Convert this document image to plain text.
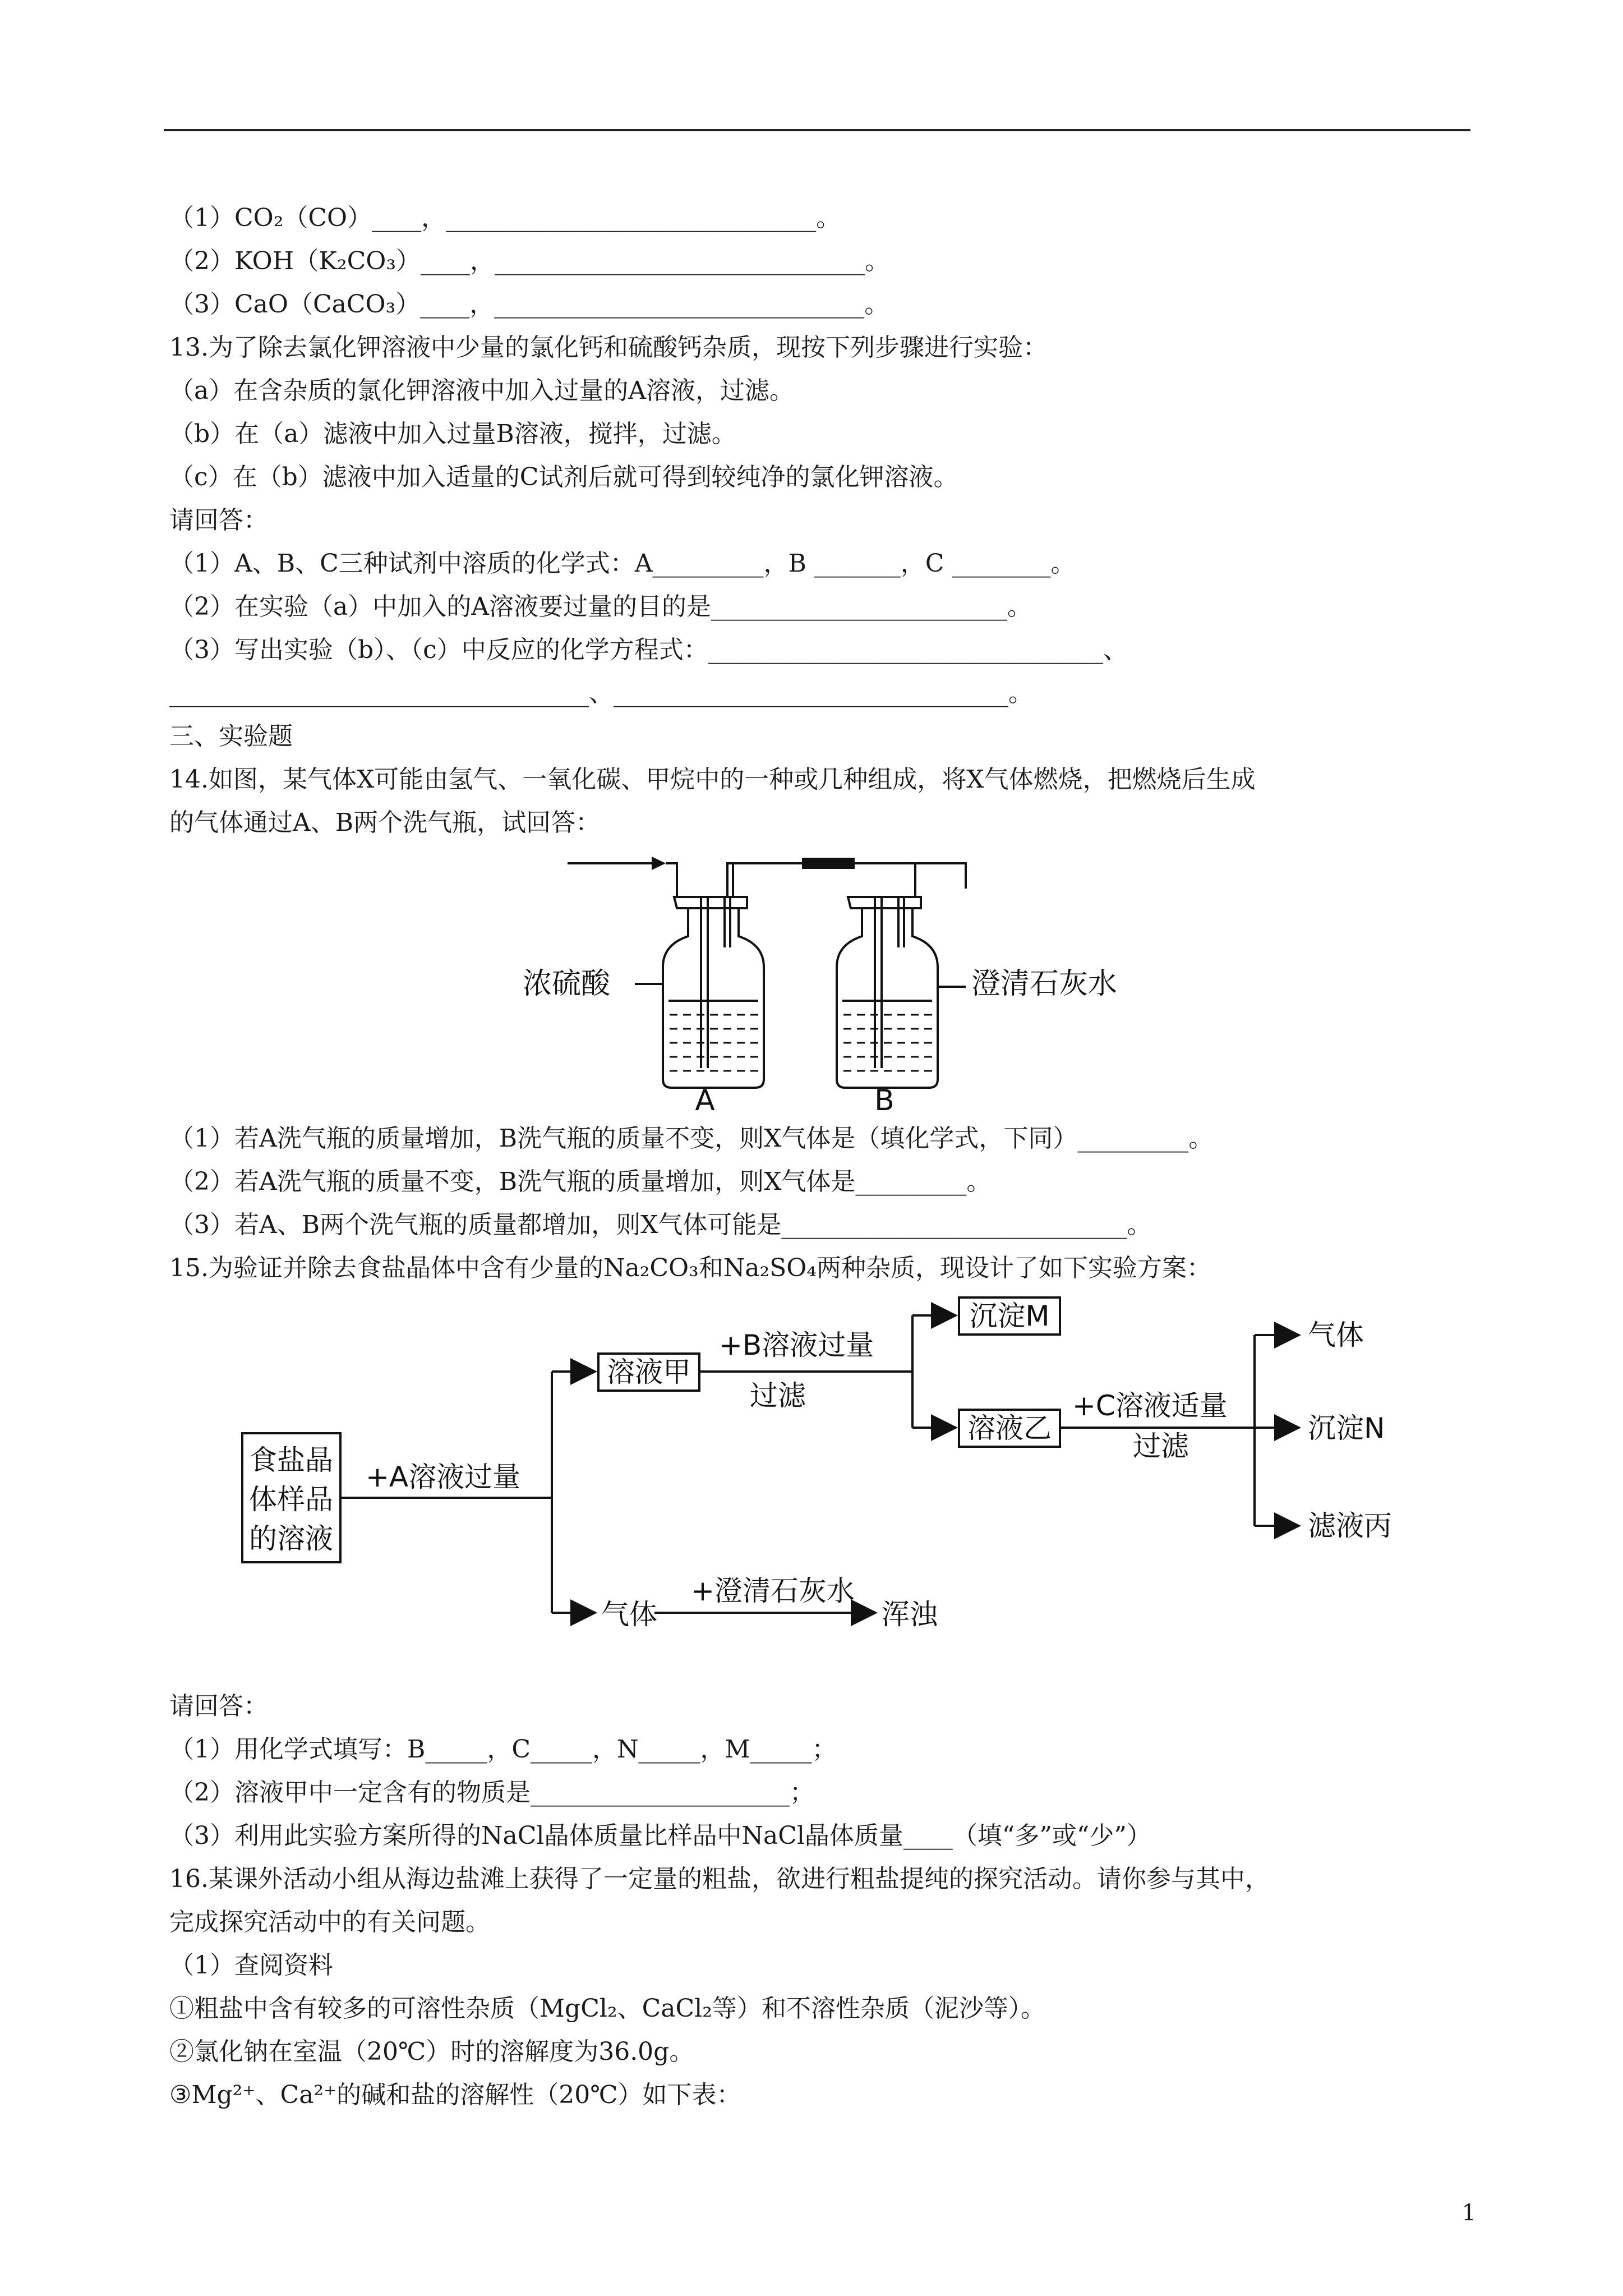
（1）CO₂（CO）____，______________________________。
（2）KOH（K₂CO₃）____，______________________________。
（3）CaO（CaCO₃）____，______________________________。
13.为了除去氯化钾溶液中少量的氯化钙和硫酸钙杂质，现按下列步骤进行实验：
（a）在含杂质的氯化钾溶液中加入过量的A溶液，过滤。
（b）在（a）滤液中加入过量B溶液，搅拌，过滤。
（c）在（b）滤液中加入适量的C试剂后就可得到较纯净的氯化钾溶液。
请回答：
（1）A、B、C三种试剂中溶质的化学式：A_________，B _______，C ________。
（2）在实验（a）中加入的A溶液要过量的目的是________________________。
（3）写出实验（b）、（c）中反应的化学方程式：________________________________、
__________________________________、________________________________。
三、实验题
14.如图，某气体X可能由氢气、一氧化碳、甲烷中的一种或几种组成，将X气体燃烧，把燃烧后生成
的气体通过A、B两个洗气瓶，试回答：
浓硫酸	澄清石灰水
A	B
（1）若A洗气瓶的质量增加，B洗气瓶的质量不变，则X气体是（填化学式，下同）_________。
（2）若A洗气瓶的质量不变，B洗气瓶的质量增加，则X气体是_________。
（3）若A、B两个洗气瓶的质量都增加，则X气体可能是____________________________。
15.为验证并除去食盐晶体中含有少量的Na₂CO₃和Na₂SO₄两种杂质，现设计了如下实验方案：
食盐晶
体样品
的溶液
+A溶液过量
溶液甲
+B溶液过量
过滤
沉淀M
溶液乙
+C溶液适量
过滤
气体
沉淀N
滤液丙
气体
+澄清石灰水
浑浊
请回答：
（1）用化学式填写：B_____，C_____，N_____，M_____；
（2）溶液甲中一定含有的物质是_____________________；
（3）利用此实验方案所得的NaCl晶体质量比样品中NaCl晶体质量____（填“多”或“少”）
16.某课外活动小组从海边盐滩上获得了一定量的粗盐，欲进行粗盐提纯的探究活动。请你参与其中，
完成探究活动中的有关问题。
（1）查阅资料
①粗盐中含有较多的可溶性杂质（MgCl₂、CaCl₂等）和不溶性杂质（泥沙等）。
②氯化钠在室温（20℃）时的溶解度为36.0g。
③Mg²⁺、Ca²⁺的碱和盐的溶解性（20℃）如下表：
1
